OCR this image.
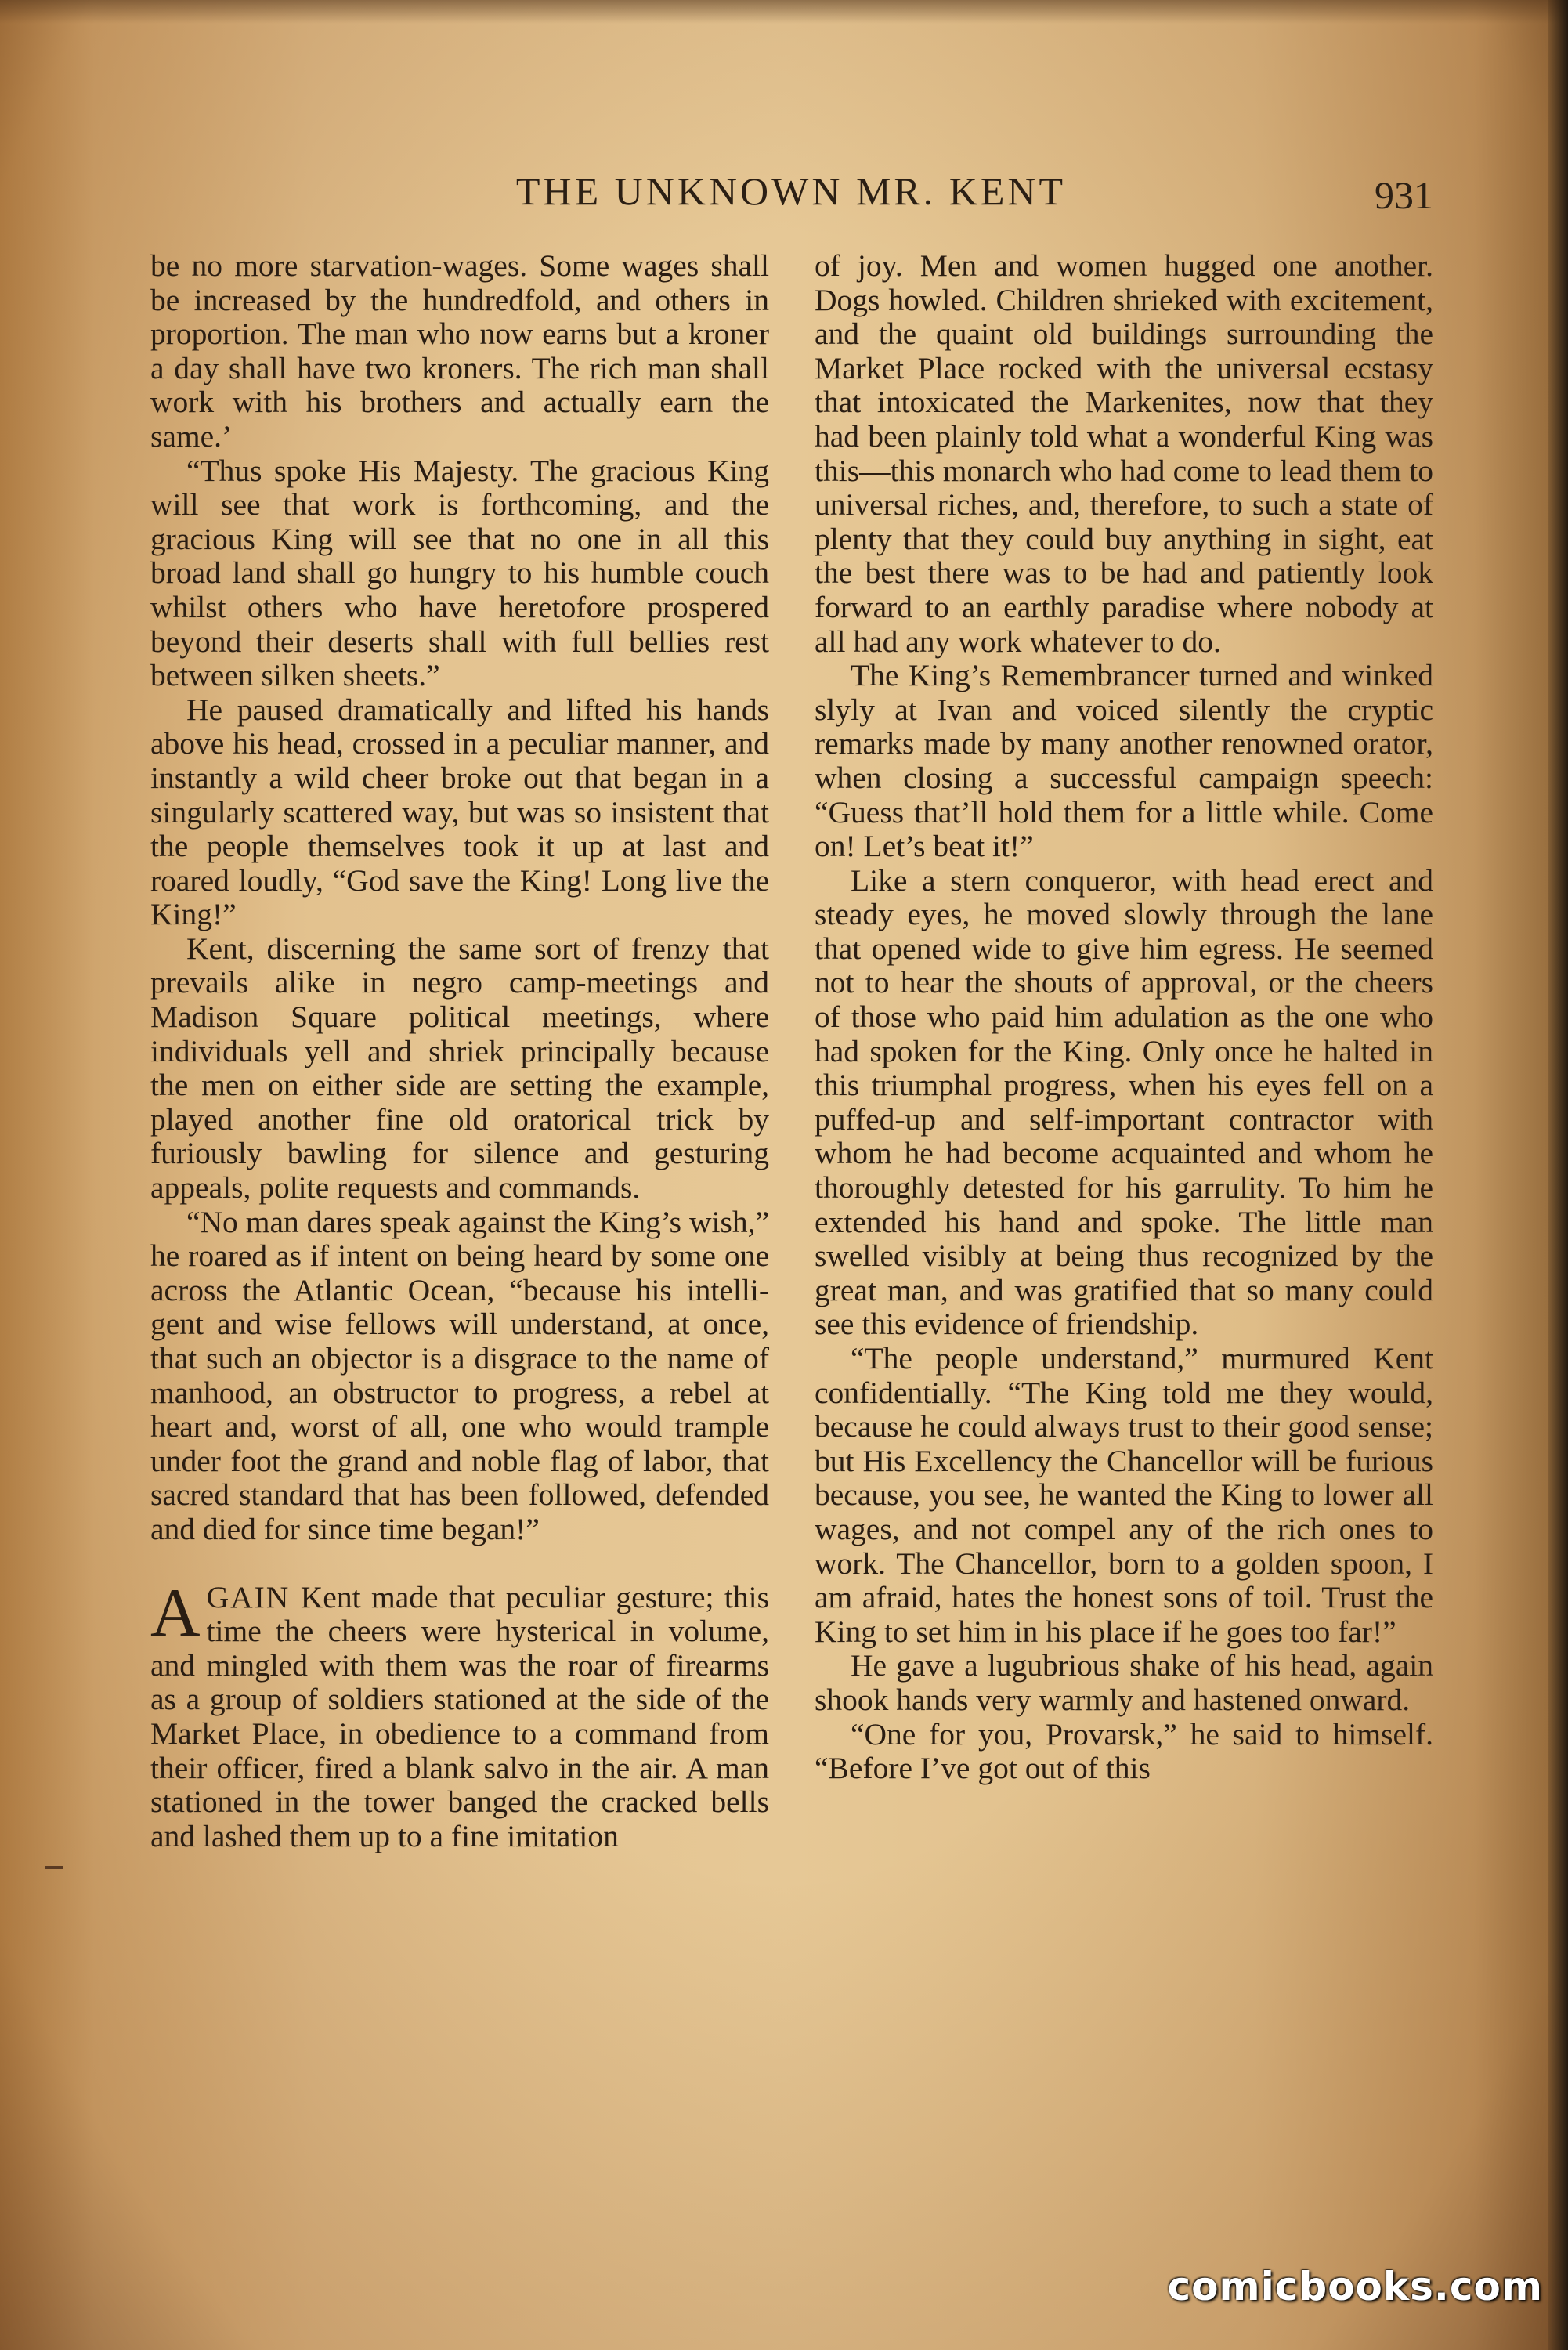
THE UNKNOWN MR. KENT	931

be no more starvation-wages. Some wages shall be increased by the hundredfold, and others in proportion. The man who now earns but a kroner a day shall have two kroners. The rich man shall work with his brothers and actually earn the same.’

“Thus spoke His Majesty. The gracious King will see that work is forthcoming, and the gracious King will see that no one in all this broad land shall go hungry to his humble couch whilst others who have heretofore prospered beyond their deserts shall with full bellies rest between silken sheets.”

He paused dramatically and lifted his hands above his head, crossed in a peculiar manner, and instantly a wild cheer broke out that began in a singularly scattered way, but was so insistent that the people themselves took it up at last and roared loudly, “God save the King! Long live the King!”

Kent, discerning the same sort of frenzy that prevails alike in negro camp-meetings and Madison Square political meetings, where individuals yell and shriek principally because the men on either side are setting the example, played another fine old oratorical trick by furiously bawling for silence and gesturing appeals, polite requests and commands.

“No man dares speak against the King’s wish,” he roared as if intent on being heard by some one across the Atlantic Ocean, “because his intelligent and wise fellows will understand, at once, that such an objector is a disgrace to the name of manhood, an obstructor to progress, a rebel at heart and, worst of all, one who would trample under foot the grand and noble flag of labor, that sacred standard that has been followed, defended and died for since time began!”

AGAIN Kent made that peculiar gesture; this time the cheers were hysterical in volume, and mingled with them was the roar of firearms as a group of soldiers stationed at the side of the Market Place, in obedience to a command from their officer, fired a blank salvo in the air. A man stationed in the tower banged the cracked bells and lashed them up to a fine imitation

of joy. Men and women hugged one another. Dogs howled. Children shrieked with excitement, and the quaint old buildings surrounding the Market Place rocked with the universal ecstasy that intoxicated the Markenites, now that they had been plainly told what a wonderful King was this—this monarch who had come to lead them to universal riches, and, therefore, to such a state of plenty that they could buy anything in sight, eat the best there was to be had and patiently look forward to an earthly paradise where nobody at all had any work whatever to do.

The King’s Remembrancer turned and winked slyly at Ivan and voiced silently the cryptic remarks made by many another renowned orator, when closing a successful campaign speech: “Guess that’ll hold them for a little while. Come on! Let’s beat it!”

Like a stern conqueror, with head erect and steady eyes, he moved slowly through the lane that opened wide to give him egress. He seemed not to hear the shouts of approval, or the cheers of those who paid him adulation as the one who had spoken for the King. Only once he halted in this triumphal progress, when his eyes fell on a puffed-up and self-important contractor with whom he had become acquainted and whom he thoroughly detested for his garrulity. To him he extended his hand and spoke. The little man swelled visibly at being thus recognized by the great man, and was gratified that so many could see this evidence of friendship.

“The people understand,” murmured Kent confidentially. “The King told me they would, because he could always trust to their good sense; but His Excellency the Chancellor will be furious because, you see, he wanted the King to lower all wages, and not compel any of the rich ones to work. The Chancellor, born to a golden spoon, I am afraid, hates the honest sons of toil. Trust the King to set him in his place if he goes too far!”

He gave a lugubrious shake of his head, again shook hands very warmly and hastened onward.

“One for you, Provarsk,” he said to himself. “Before I’ve got out of this

comicbooks.com
